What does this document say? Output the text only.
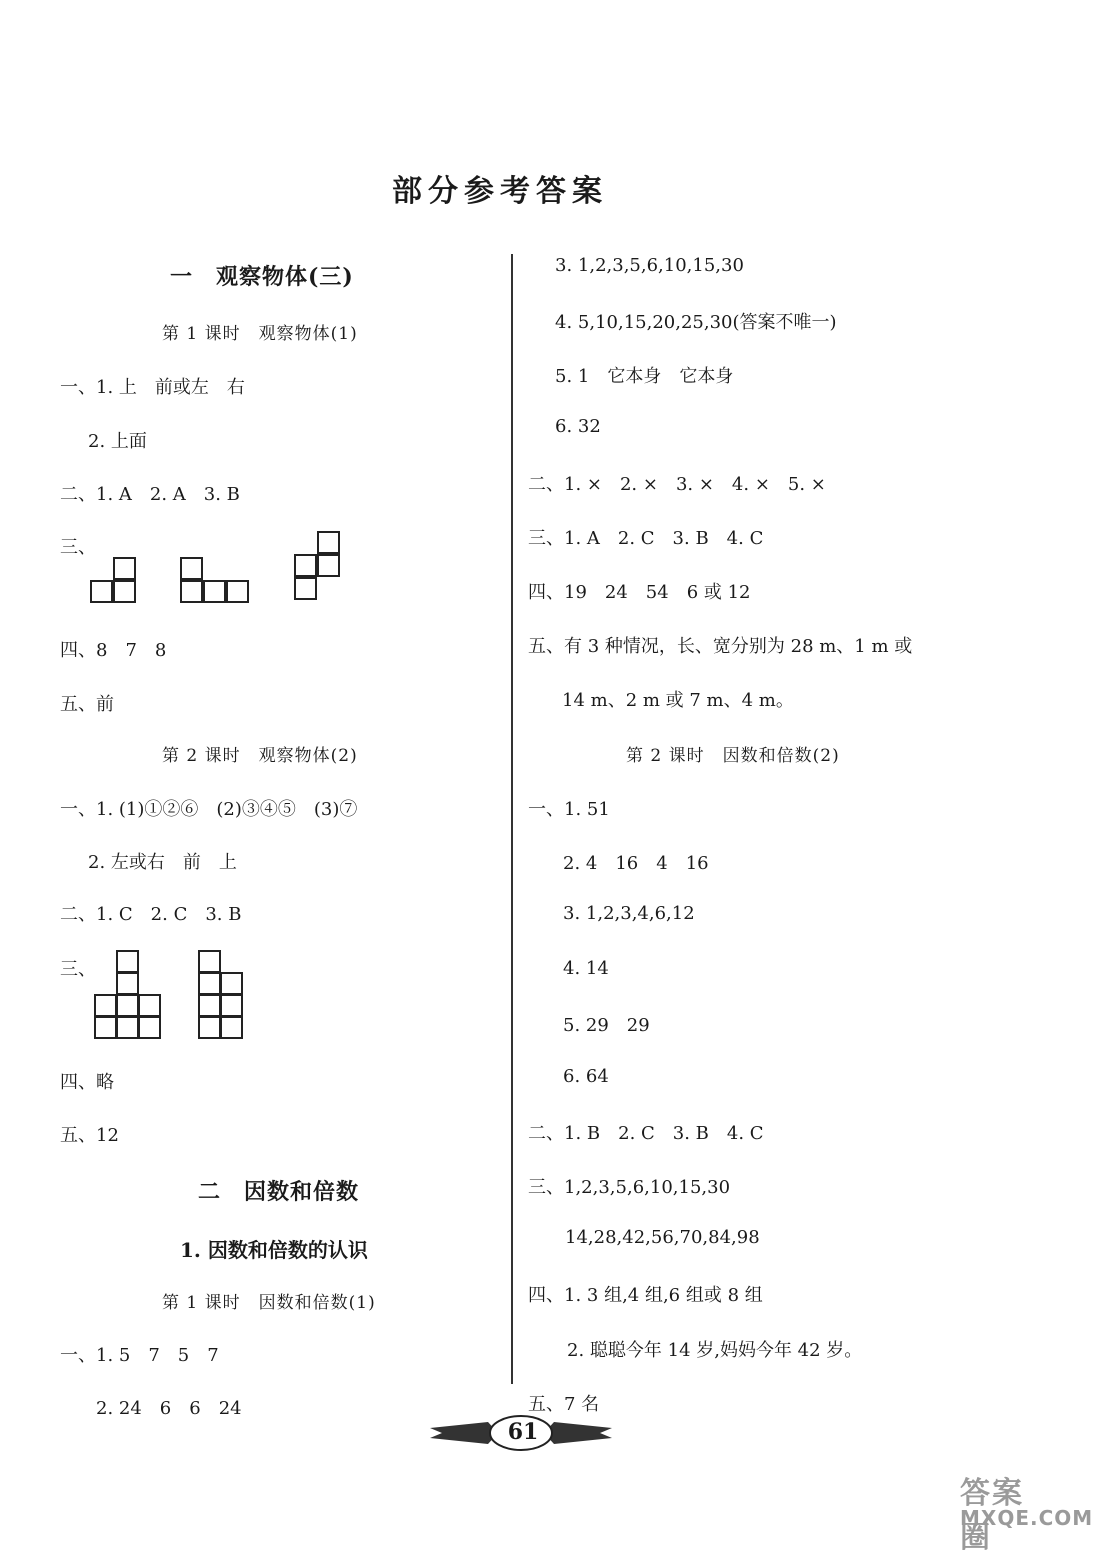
部分参考答案
一　观察物体(三)
第 1 课时　观察物体(1)
一、1. 上　前或左　右
2. 上面
二、1. A　2. A　3. B
三、
四、8　7　8
五、前
第 2 课时　观察物体(2)
一、1. (1)①②⑥　(2)③④⑤　(3)⑦
2. 左或右　前　上
二、1. C　2. C　3. B
三、
四、略
五、12
二　因数和倍数
1. 因数和倍数的认识
第 1 课时　因数和倍数(1)
一、1. 5　7　5　7
2. 24　6　6　24
3. 1,2,3,5,6,10,15,30
4. 5,10,15,20,25,30(答案不唯一)
5. 1　它本身　它本身
6. 32
二、1. ×　2. ×　3. ×　4. ×　5. ×
三、1. A　2. C　3. B　4. C
四、19　24　54　6 或 12
五、有 3 种情况，长、宽分别为 28 m、1 m 或
14 m、2 m 或 7 m、4 m。
第 2 课时　因数和倍数(2)
一、1. 51
2. 4　16　4　16
3. 1,2,3,4,6,12
4. 14
5. 29　29
6. 64
二、1. B　2. C　3. B　4. C
三、1,2,3,5,6,10,15,30
14,28,42,56,70,84,98
四、1. 3 组,4 组,6 组或 8 组
2. 聪聪今年 14 岁,妈妈今年 42 岁。
五、7 名
61
答案圈
MXQE.COM
